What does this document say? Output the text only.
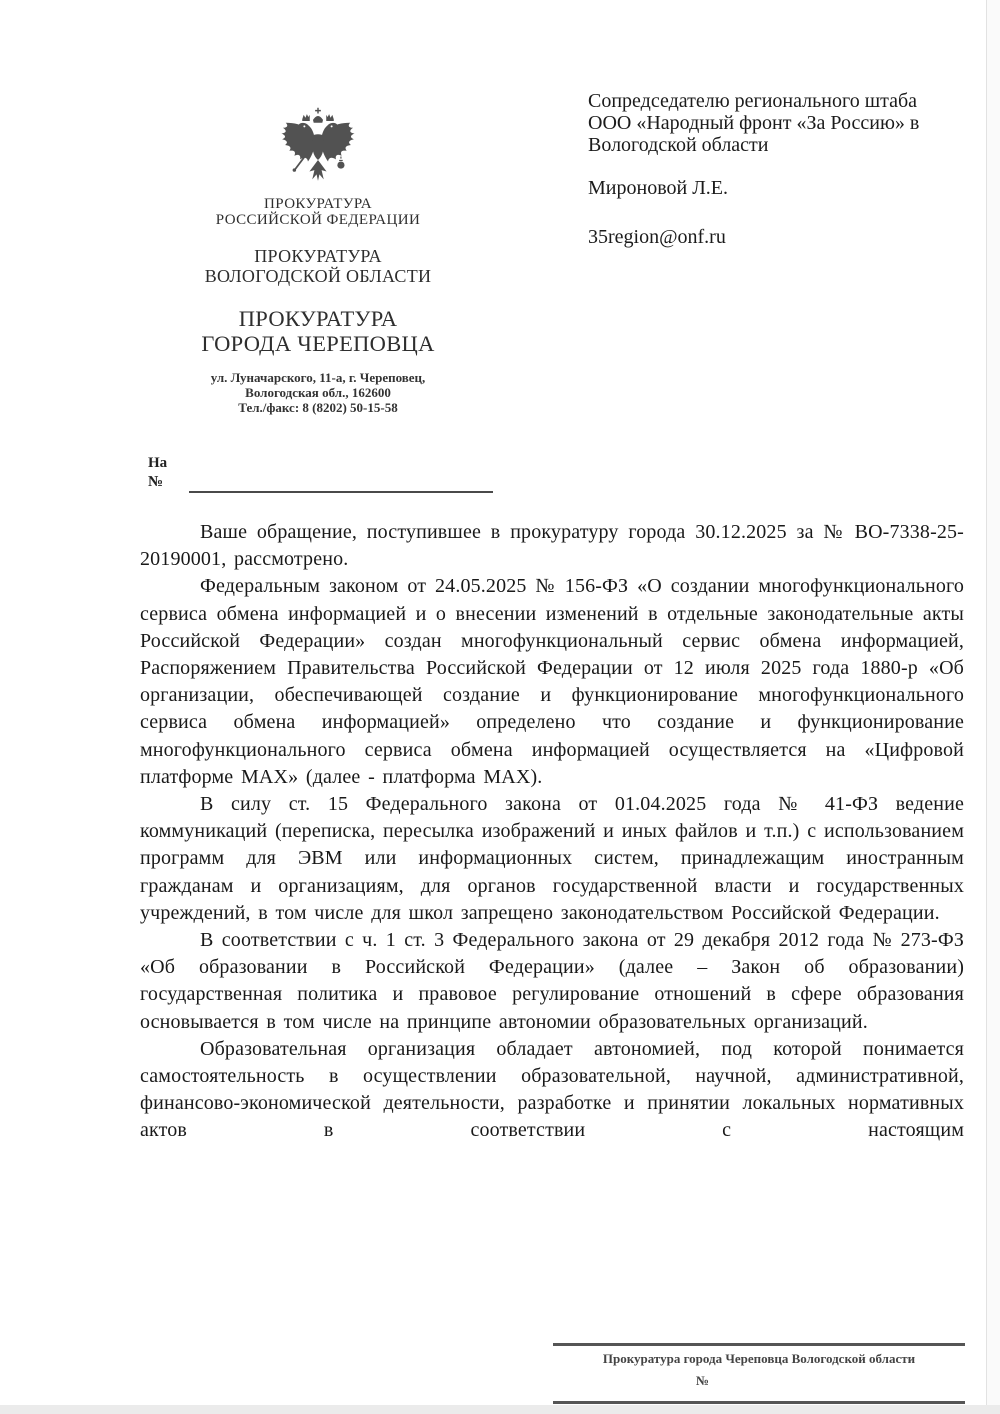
ПРОКУРАТУРА
РОССИЙСКОЙ ФЕДЕРАЦИИ
ПРОКУРАТУРА
ВОЛОГОДСКОЙ ОБЛАСТИ
ПРОКУРАТУРА
ГОРОДА ЧЕРЕПОВЦА
ул. Луначарского, 11-а, г. Череповец,
Вологодская обл., 162600
Тел./факс: 8 (8202) 50-15-58
Сопредседателю регионального штаба ООО «Народный фронт «За Россию» в Вологодской области
Мироновой Л.Е.
35region@onf.ru
На
№

Ваше обращение, поступившее в прокуратуру города 30.12.2025 за № ВО-7338-25-20190001, рассмотрено.

Федеральным законом от 24.05.2025 № 156-ФЗ «О создании многофункционального сервиса обмена информацией и о внесении изменений в отдельные законодательные акты Российской Федерации» создан многофункциональный сервис обмена информацией, Распоряжением Правительства Российской Федерации от 12 июля 2025 года 1880-р «Об организации, обеспечивающей создание и функционирование многофункционального сервиса обмена информацией» определено что создание и функционирование многофункционального сервиса обмена информацией осуществляется на «Цифровой платформе МАХ» (далее - платформа МАХ).

В силу ст. 15 Федерального закона от 01.04.2025 года № 41-ФЗ ведение коммуникаций (переписка, пересылка изображений и иных файлов и т.п.) с использованием программ для ЭВМ или информационных систем, принадлежащим иностранным гражданам и организациям, для органов государственной власти и государственных учреждений, в том числе для школ запрещено законодательством Российской Федерации.

В соответствии с ч. 1 ст. 3 Федерального закона от 29 декабря 2012 года № 273-ФЗ «Об образовании в Российской Федерации» (далее – Закон об образовании) государственная политика и правовое регулирование отношений в сфере образования основывается в том числе на принципе автономии образовательных организаций.

Образовательная организация обладает автономией, под которой понимается самостоятельность в осуществлении образовательной, научной, административной, финансово-экономической деятельности, разработке и принятии локальных нормативных актов в соответствии с настоящим

Прокуратура города Череповца Вологодской области
№
